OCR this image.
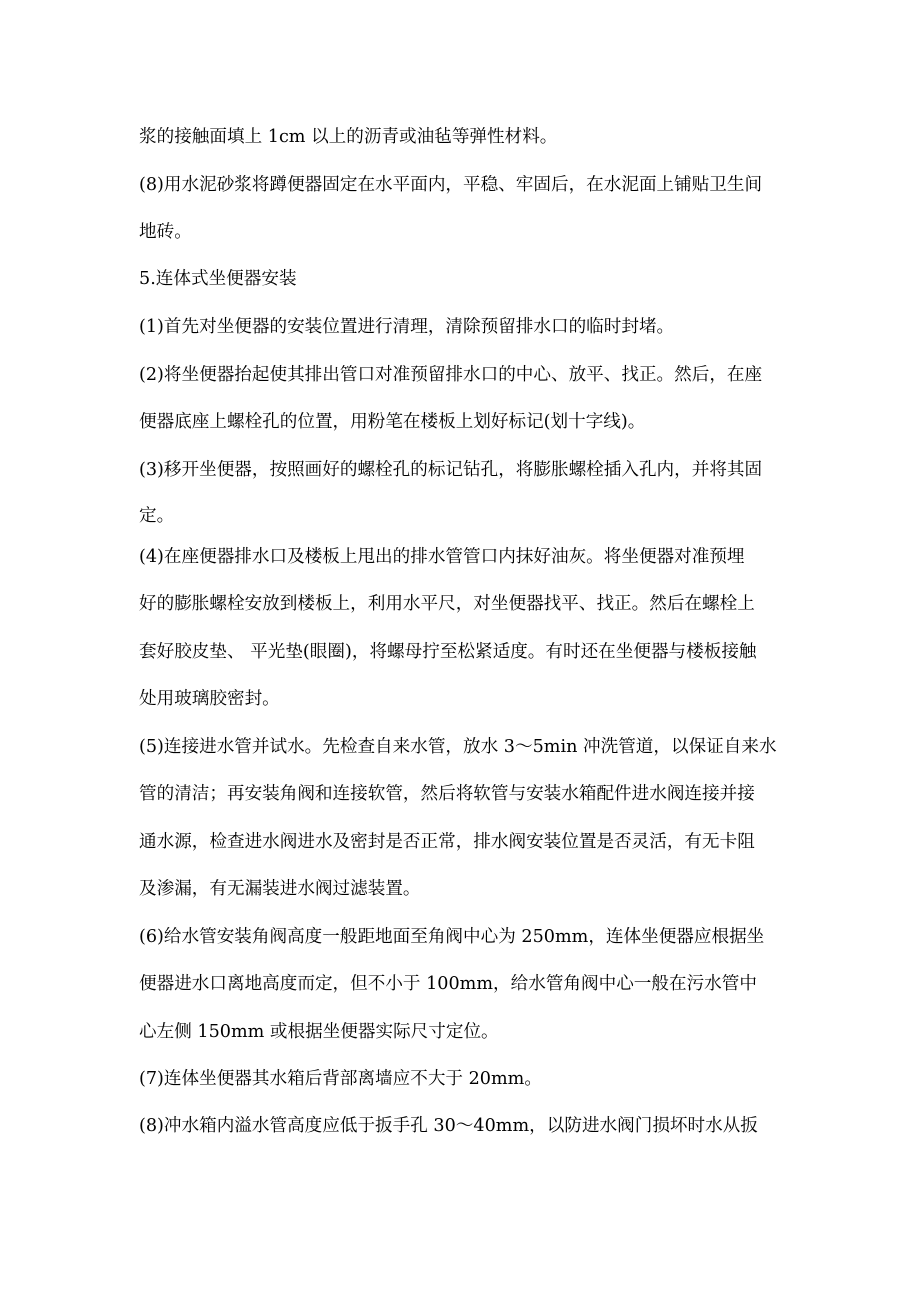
浆的接触面填上 1cm 以上的沥青或油毡等弹性材料。
(8)用水泥砂浆将蹲便器固定在水平面内，平稳、牢固后，在水泥面上铺贴卫生间
地砖。
5.连体式坐便器安装
(1)首先对坐便器的安装位置进行清理，清除预留排水口的临时封堵。
(2)将坐便器抬起使其排出管口对准预留排水口的中心、放平、找正。然后，在座
便器底座上螺栓孔的位置，用粉笔在楼板上划好标记(划十字线)。
(3)移开坐便器，按照画好的螺栓孔的标记钻孔，将膨胀螺栓插入孔内，并将其固
定。
(4)在座便器排水口及楼板上甩出的排水管管口内抹好油灰。将坐便器对准预埋
好的膨胀螺栓安放到楼板上，利用水平尺，对坐便器找平、找正。然后在螺栓上
套好胶皮垫、 平光垫(眼圈)，将螺母拧至松紧适度。有时还在坐便器与楼板接触
处用玻璃胶密封。
(5)连接进水管并试水。先检查自来水管，放水 3～5min 冲洗管道，以保证自来水
管的清洁；再安装角阀和连接软管，然后将软管与安装水箱配件进水阀连接并接
通水源，检查进水阀进水及密封是否正常，排水阀安装位置是否灵活，有无卡阻
及渗漏，有无漏装进水阀过滤装置。
(6)给水管安装角阀高度一般距地面至角阀中心为 250mm，连体坐便器应根据坐
便器进水口离地高度而定，但不小于 100mm，给水管角阀中心一般在污水管中
心左侧 150mm 或根据坐便器实际尺寸定位。
(7)连体坐便器其水箱后背部离墙应不大于 20mm。
(8)冲水箱内溢水管高度应低于扳手孔 30～40mm，以防进水阀门损坏时水从扳
